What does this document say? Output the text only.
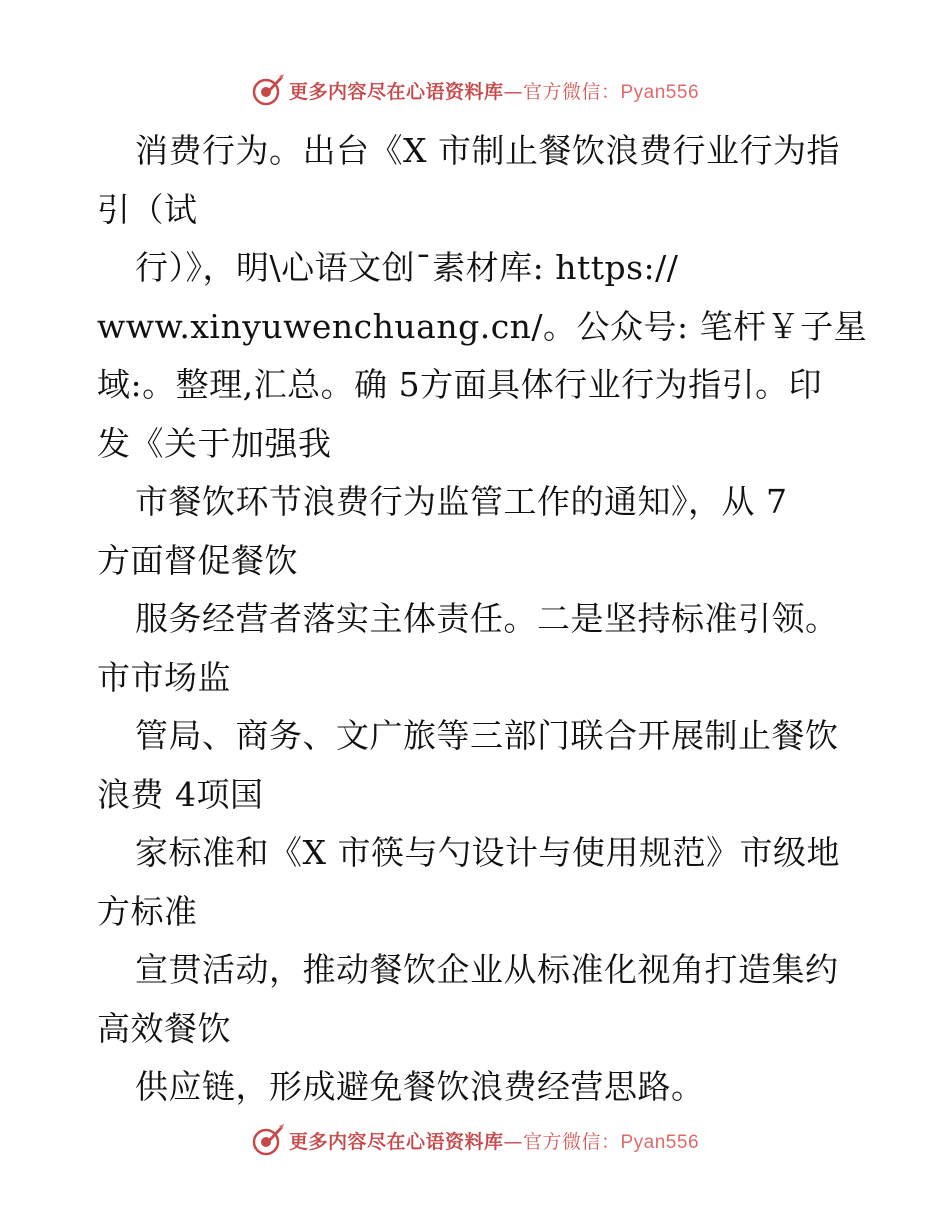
更多内容尽在心语资料库—官方微信：Pyan556
消费行为。出台《X 市制止餐饮浪费行业行为指
引（试
行）》，明\心语文创¯素材库: https://
www.xinyuwenchuang.cn/。公众号: 笔杆￥子星
域:。整理,汇总。确 5方面具体行业行为指引。印
发《关于加强我
市餐饮环节浪费行为监管工作的通知》，从 7
方面督促餐饮
服务经营者落实主体责任。二是坚持标准引领。
市市场监
管局、商务、文广旅等三部门联合开展制止餐饮
浪费 4项国
家标准和《X 市筷与勺设计与使用规范》市级地
方标准
宣贯活动，推动餐饮企业从标准化视角打造集约
高效餐饮
供应链，形成避免餐饮浪费经营思路。
更多内容尽在心语资料库—官方微信：Pyan556
